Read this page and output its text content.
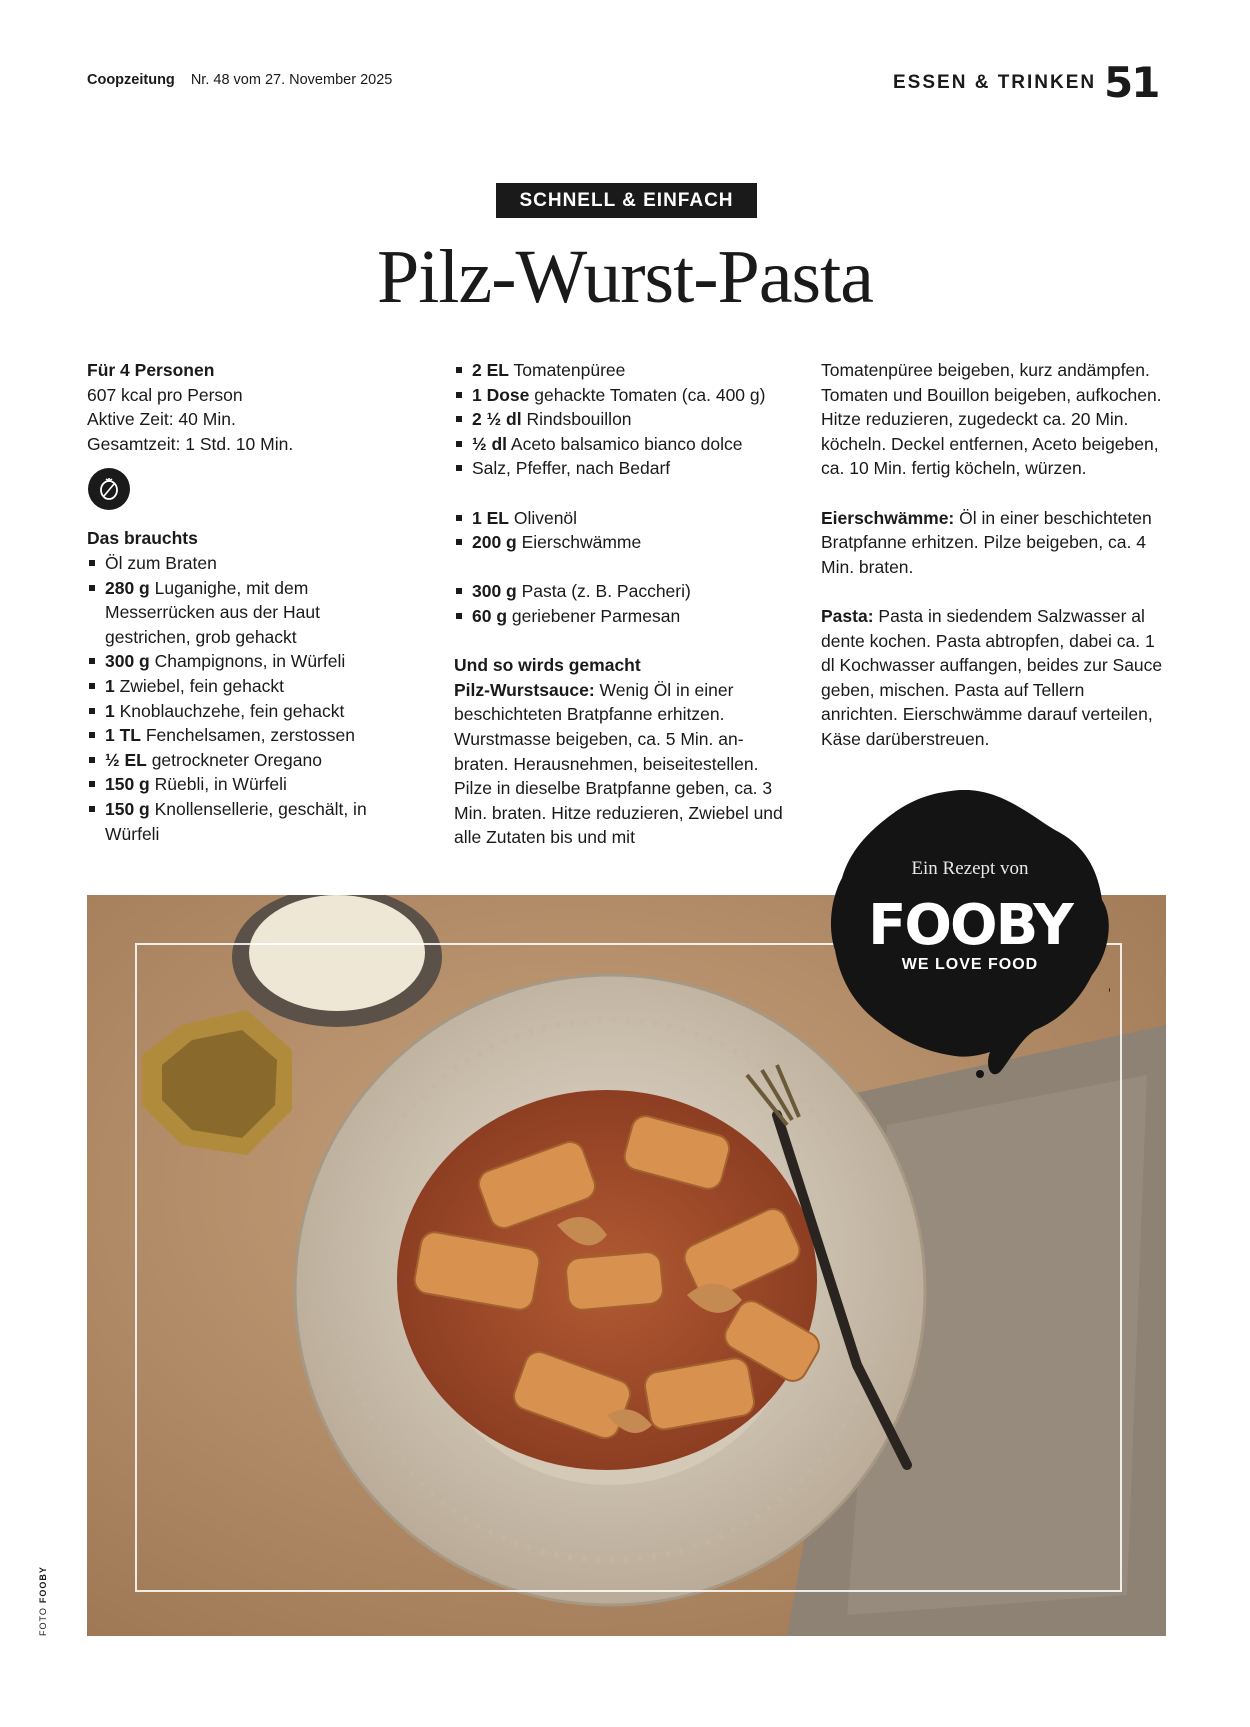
Coopzeitung Nr. 48 vom 27. November 2025	ESSEN & TRINKEN 51
SCHNELL & EINFACH
Pilz-Wurst-Pasta

Für 4 Personen

607 kcal pro Person

Aktive Zeit: 40 Min.

Gesamtzeit: 1 Std. 10 Min.

Das brauchts

Öl zum Braten
280 g Luganighe, mit dem Messerrücken aus der Haut gestrichen, grob gehackt
300 g Champignons, in Würfeli
1 Zwiebel, fein gehackt
1 Knoblauchzehe, fein gehackt
1 TL Fenchelsamen, zerstossen
½ EL getrockneter Oregano
150 g Rüebli, in Würfeli
150 g Knollensellerie, geschält, in Würfeli
2 EL Tomatenpüree
1 Dose gehackte Tomaten (ca. 400 g)
2 ½ dl Rindsbouillon
½ dl Aceto balsamico bianco dolce
Salz, Pfeffer, nach Bedarf
1 EL Olivenöl
200 g Eierschwämme
300 g Pasta (z. B. Paccheri)
60 g geriebener Parmesan

Und so wirds gemacht

Pilz-Wurstsauce: Wenig Öl in einer beschichteten Bratpfanne erhitzen. Wurstmasse beigeben, ca. 5 Min. anbraten. Herausnehmen, beiseitestellen. Pilze in dieselbe Bratpfanne geben, ca. 3 Min. braten. Hitze reduzieren, Zwiebel und alle Zutaten bis und mit

Tomatenpüree beigeben, kurz andämpfen. Tomaten und Bouillon beigeben, aufkochen. Hitze reduzieren, zugedeckt ca. 20 Min. köcheln. Deckel entfernen, Aceto beigeben, ca. 10 Min. fertig köcheln, würzen.

Eierschwämme: Öl in einer beschichteten Bratpfanne erhitzen. Pilze beigeben, ca. 4 Min. braten.

Pasta: Pasta in siedendem Salzwasser al dente kochen. Pasta abtropfen, dabei ca. 1 dl Kochwasser auffangen, beides zur Sauce geben, mischen. Pasta auf Tellern anrichten. Eierschwämme darauf verteilen, Käse darüberstreuen.

Ein Rezept von
FOOBY
WE LOVE FOOD
FOTOFOOBY
